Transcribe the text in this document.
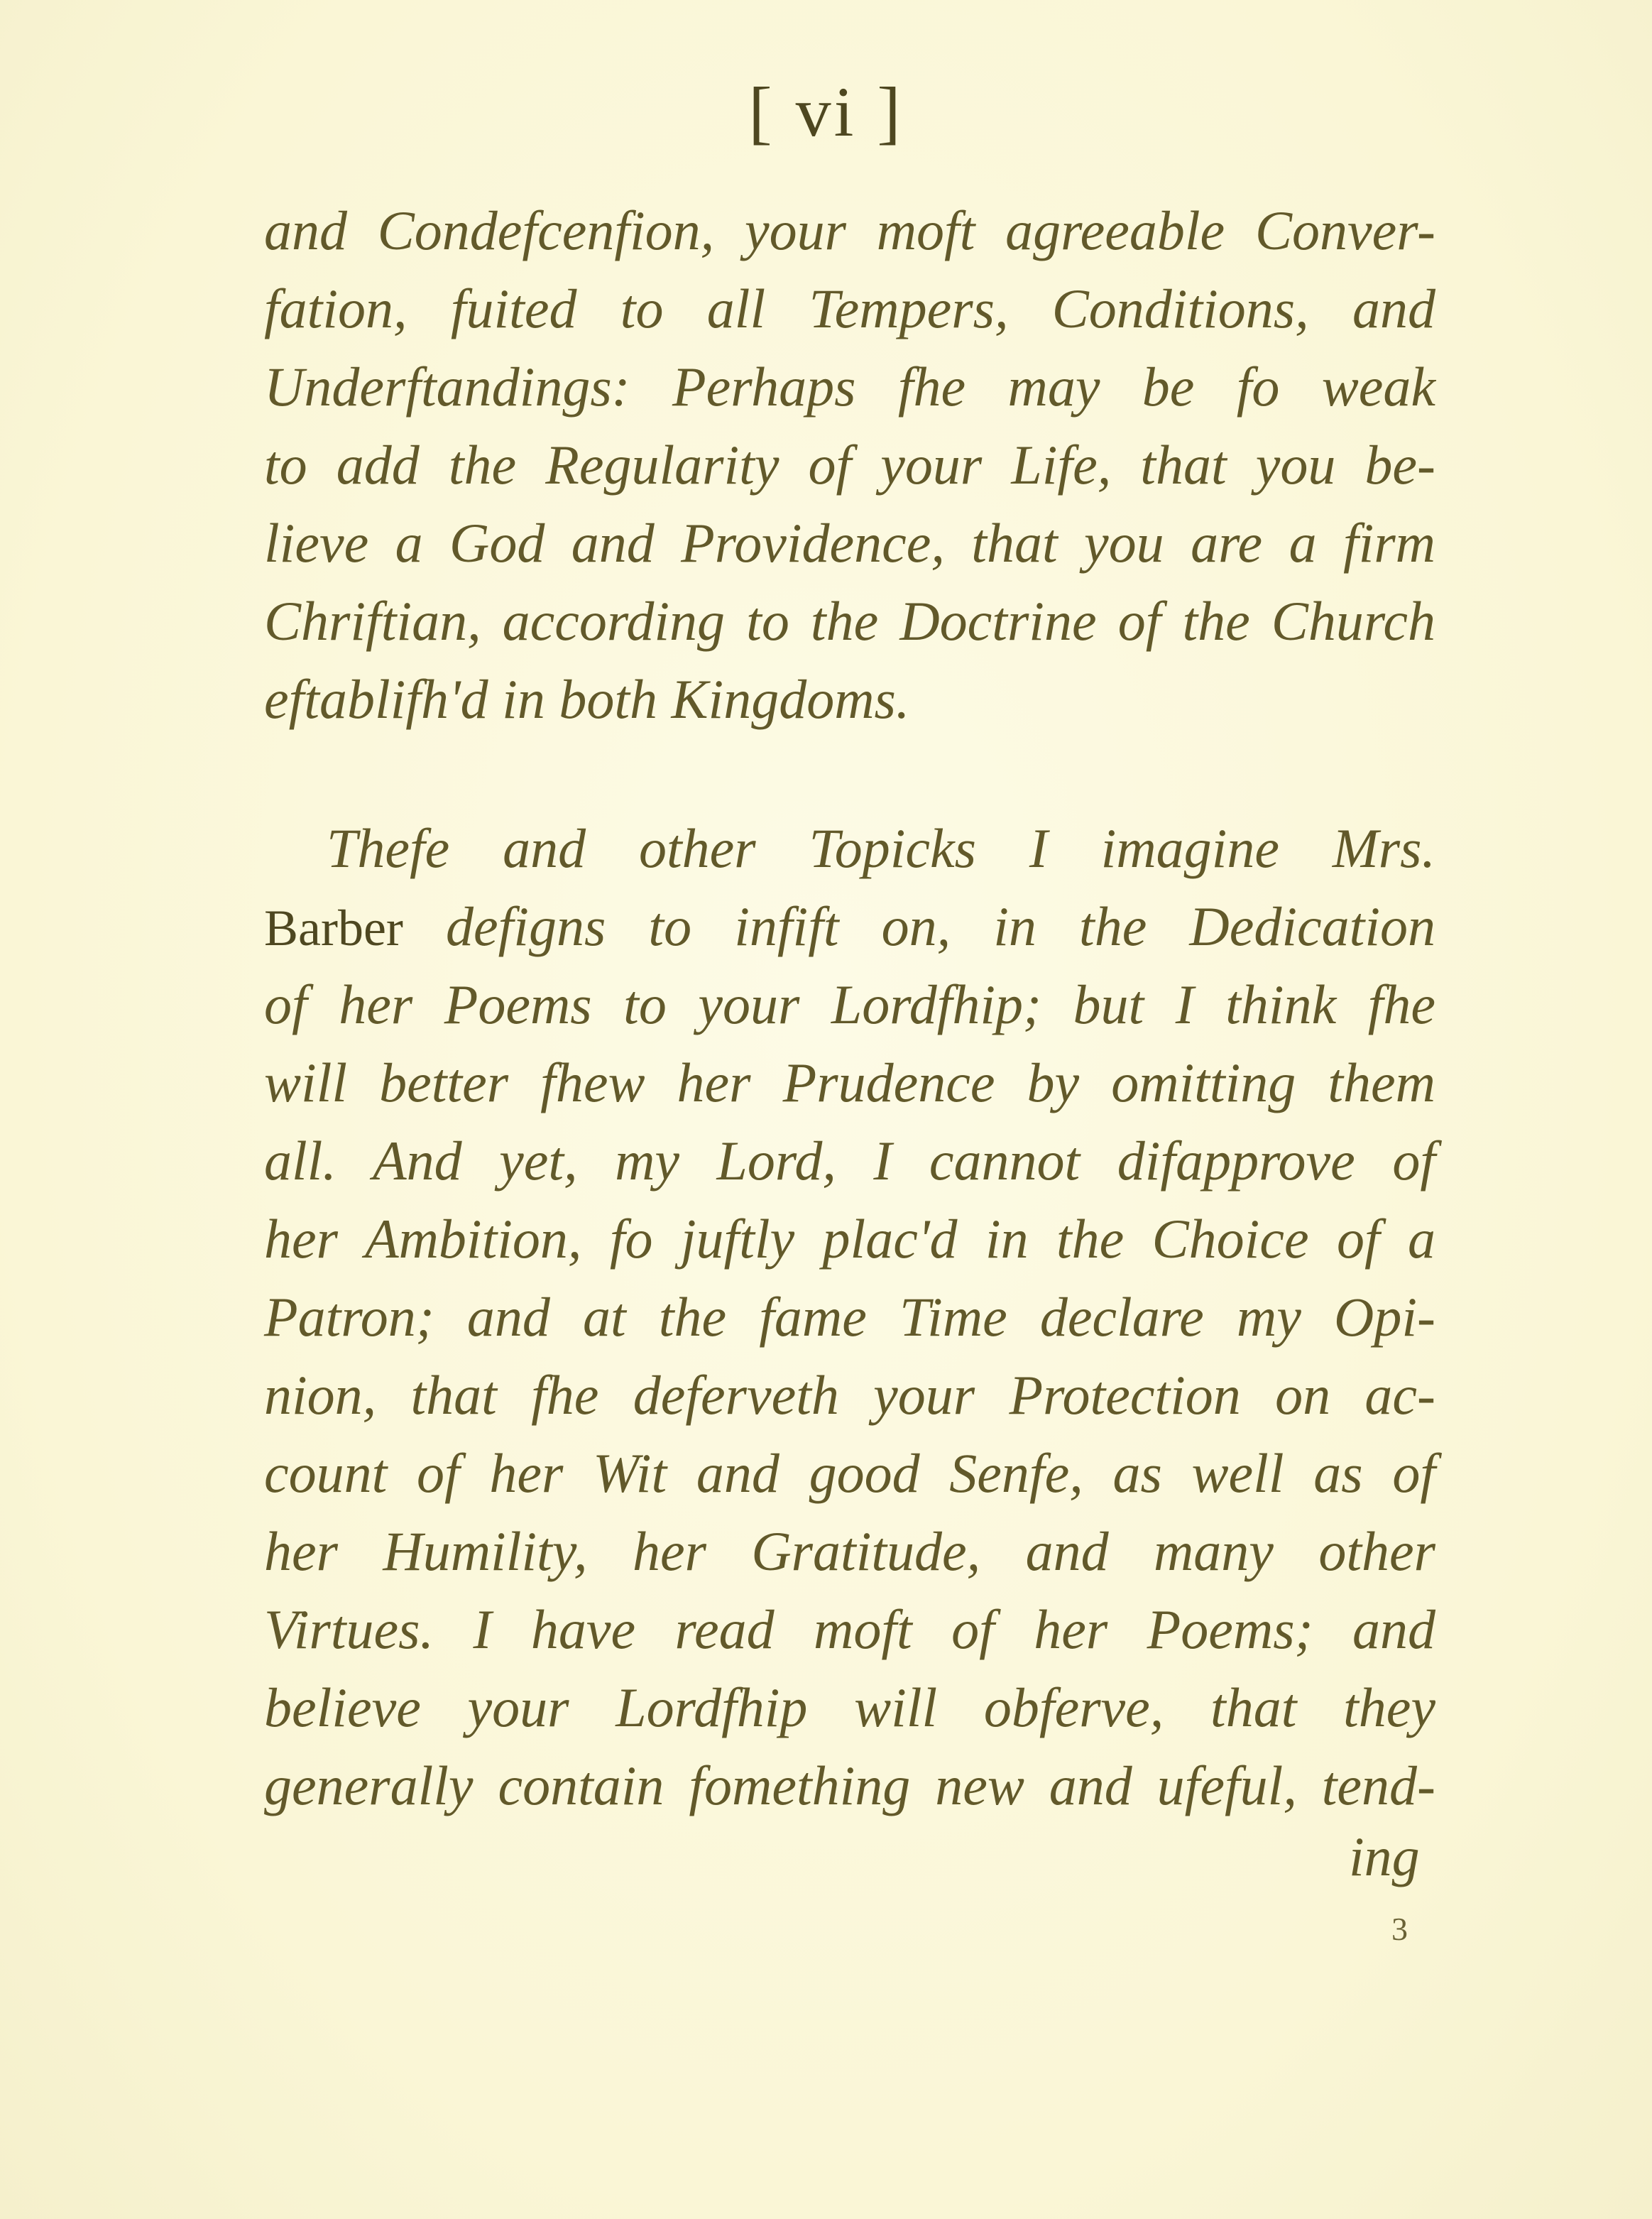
[ vi ]
and Condefcenfion, your moft agreeable Conver-
fation, fuited to all Tempers, Conditions, and
Underftandings: Perhaps fhe may be fo weak
to add the Regularity of your Life, that you be-
lieve a God and Providence, that you are a firm
Chriftian, according to the Doctrine of the Church
eftablifh'd in both Kingdoms.
Thefe and other Topicks I imagine Mrs.
Barber defigns to infift on, in the Dedication
of her Poems to your Lordfhip; but I think fhe
will better fhew her Prudence by omitting them
all. And yet, my Lord, I cannot difapprove of
her Ambition, fo juftly plac'd in the Choice of a
Patron; and at the fame Time declare my Opi-
nion, that fhe deferveth your Protection on ac-
count of her Wit and good Senfe, as well as of
her Humility, her Gratitude, and many other
Virtues. I have read moft of her Poems; and
believe your Lordfhip will obferve, that they
generally contain fomething new and ufeful, tend-
ing
3
